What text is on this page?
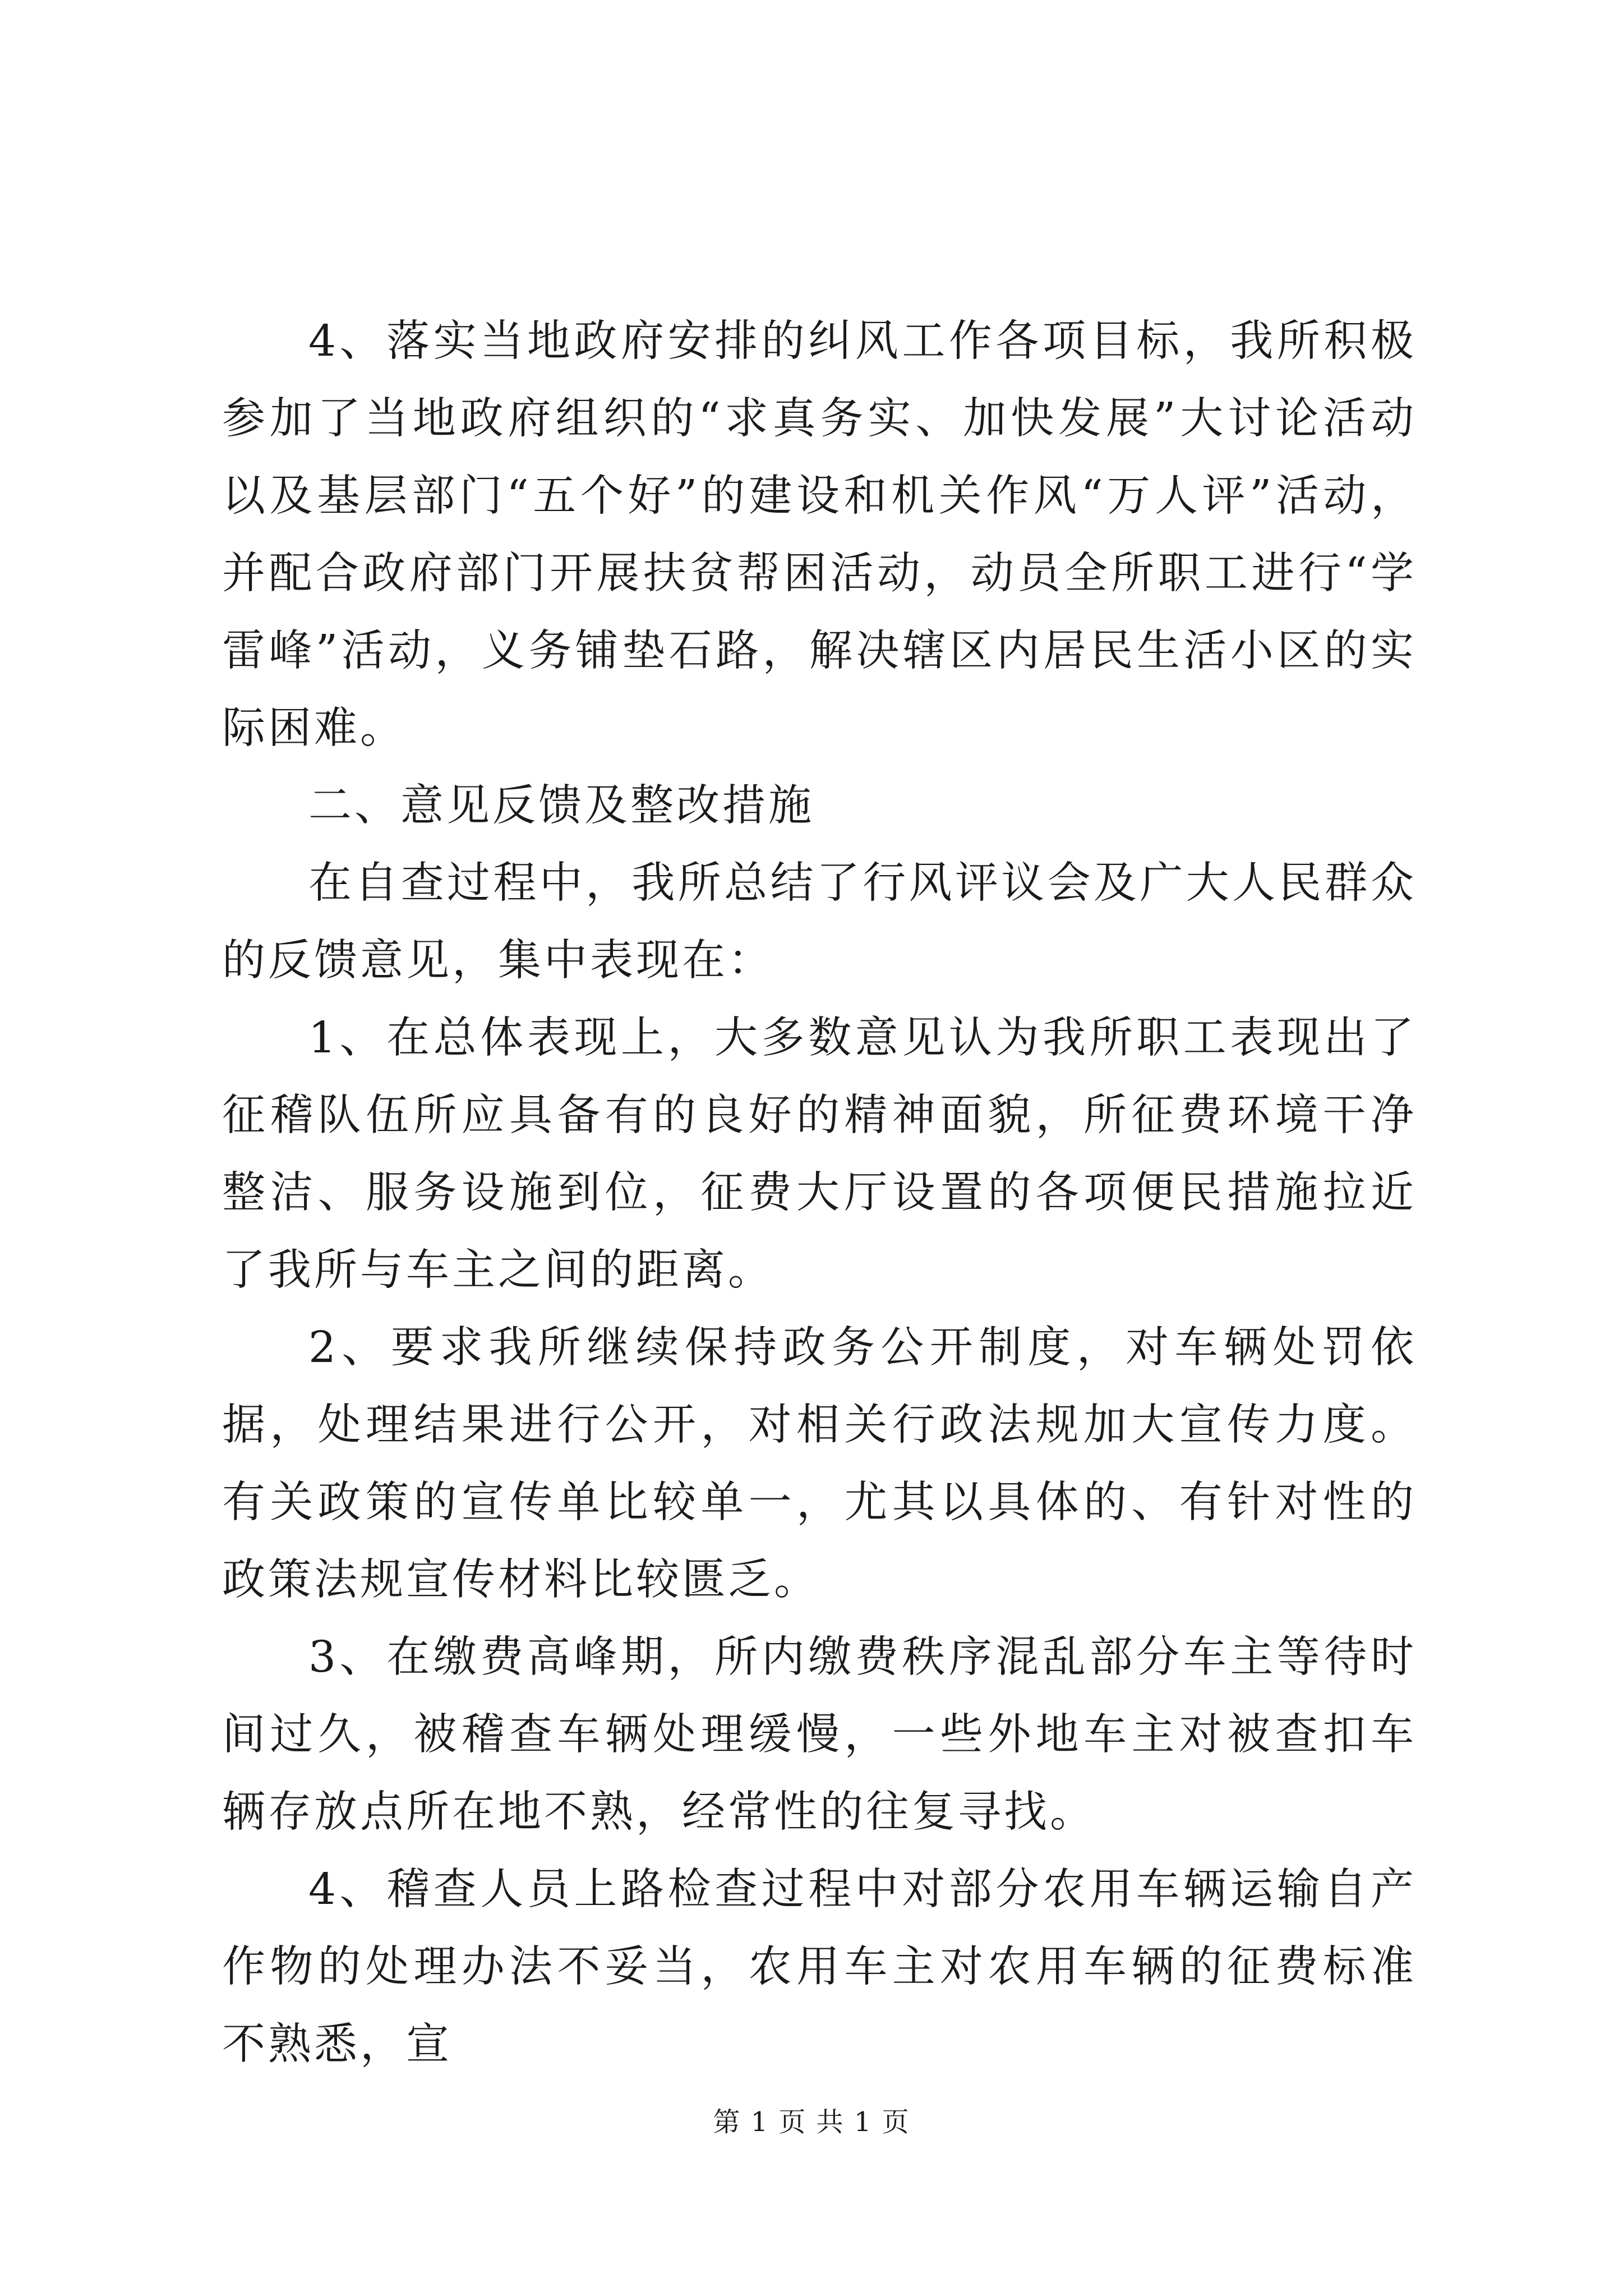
4、落实当地政府安排的纠风工作各项目标，我所积极参加了当地政府组织的“求真务实、加快发展”大讨论活动以及基层部门“五个好”的建设和机关作风“万人评”活动，并配合政府部门开展扶贫帮困活动，动员全所职工进行“学雷峰”活动，义务铺垫石路，解决辖区内居民生活小区的实际困难。

二、意见反馈及整改措施

在自查过程中，我所总结了行风评议会及广大人民群众的反馈意见，集中表现在：

1、在总体表现上，大多数意见认为我所职工表现出了征稽队伍所应具备有的良好的精神面貌，所征费环境干净整洁、服务设施到位，征费大厅设置的各项便民措施拉近了我所与车主之间的距离。

2、要求我所继续保持政务公开制度，对车辆处罚依据，处理结果进行公开，对相关行政法规加大宣传力度。有关政策的宣传单比较单一，尤其以具体的、有针对性的政策法规宣传材料比较匮乏。

3、在缴费高峰期，所内缴费秩序混乱部分车主等待时间过久，被稽查车辆处理缓慢，一些外地车主对被查扣车辆存放点所在地不熟，经常性的往复寻找。

4、稽查人员上路检查过程中对部分农用车辆运输自产作物的处理办法不妥当，农用车主对农用车辆的征费标准不熟悉，宣

第 1 页 共 1 页
